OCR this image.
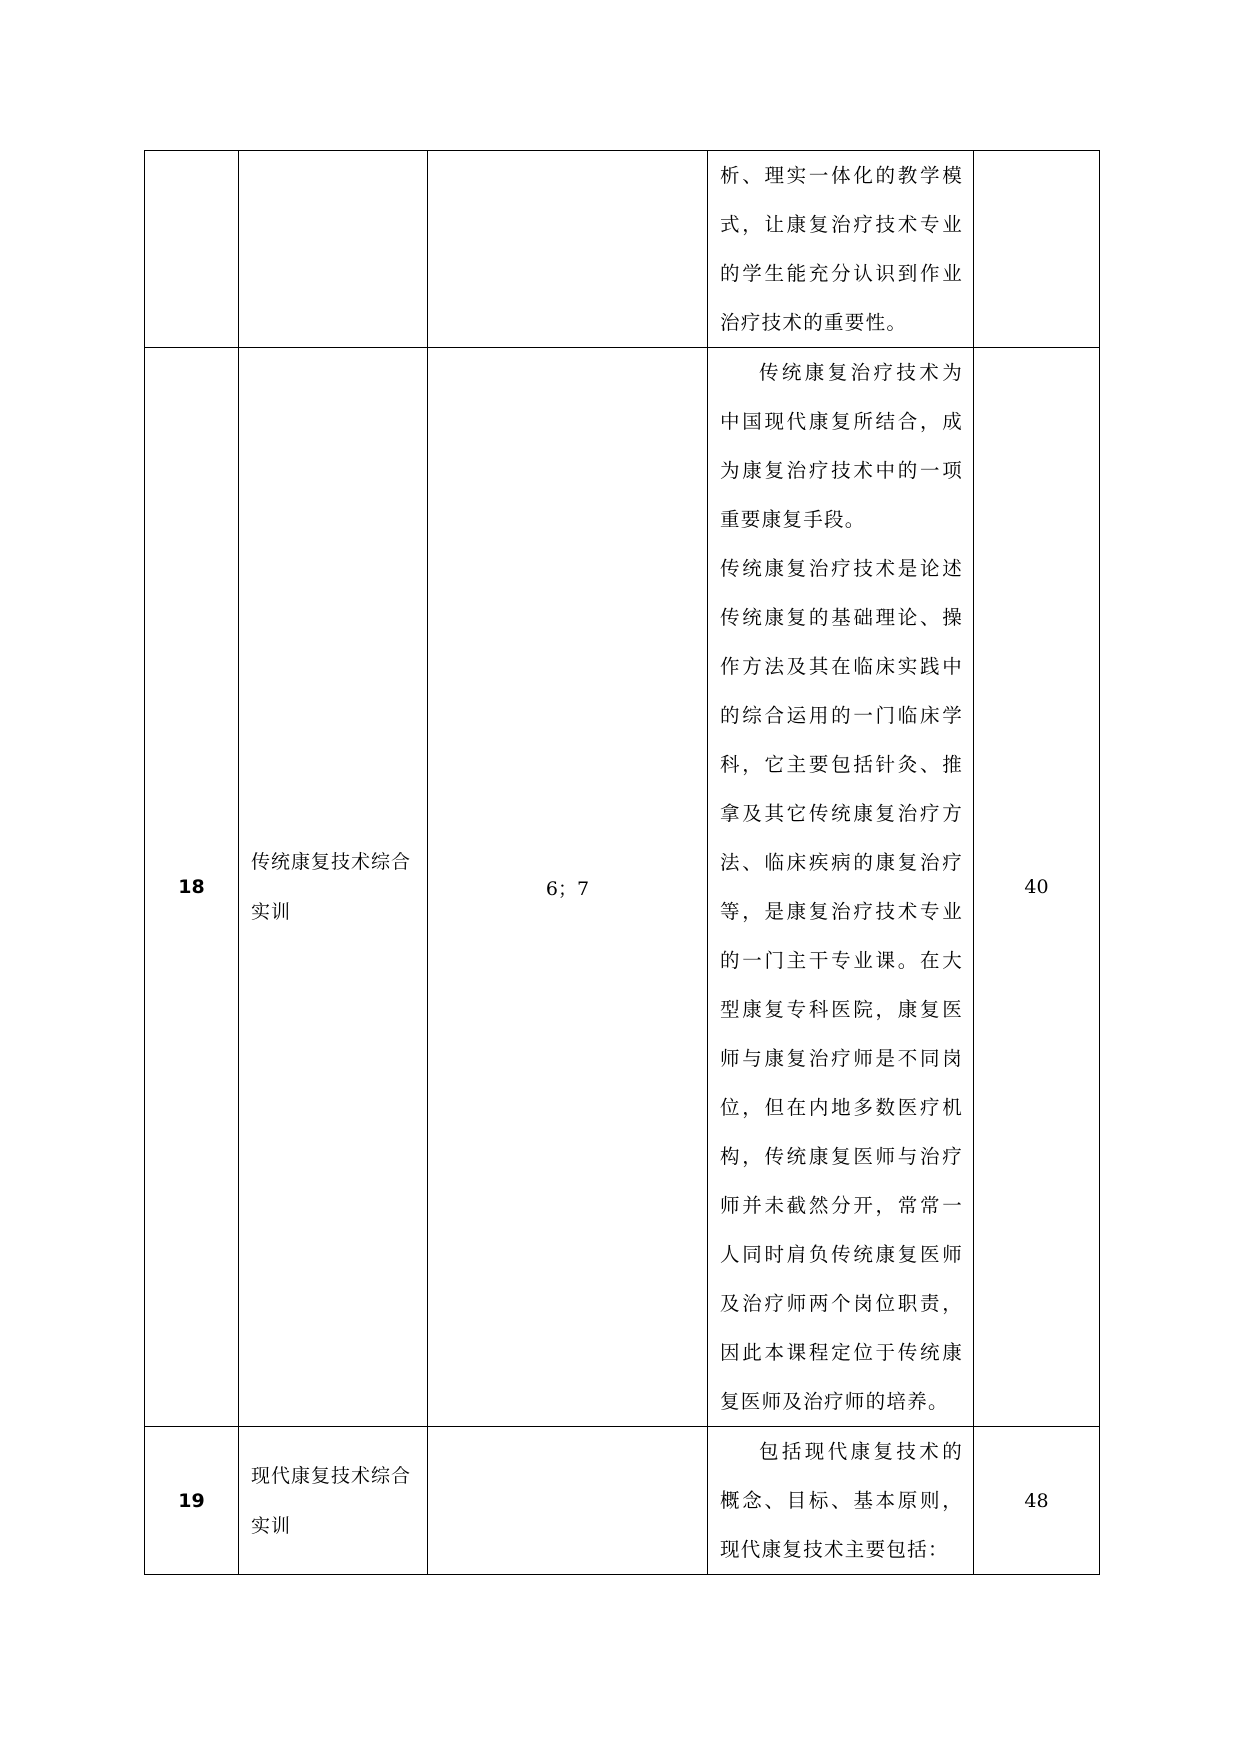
			析、理实一体化的教学模式，让康复治疗技术专业的学生能充分认识到作业治疗技术的重要性。	

18	传统康复技术综合实训	6；7	传统康复治疗技术为中国现代康复所结合，成为康复治疗技术中的一项重要康复手段。

传统康复治疗技术是论述传统康复的基础理论、操作方法及其在临床实践中的综合运用的一门临床学科，它主要包括针灸、推拿及其它传统康复治疗方法、临床疾病的康复治疗等，是康复治疗技术专业的一门主干专业课。在大型康复专科医院，康复医师与康复治疗师是不同岗位，但在内地多数医疗机构，传统康复医师与治疗师并未截然分开，常常一人同时肩负传统康复医师及治疗师两个岗位职责，因此本课程定位于传统康复医师及治疗师的培养。	40
19	现代康复技术综合实训		包括现代康复技术的概念、目标、基本原则，现代康复技术主要包括：	48
